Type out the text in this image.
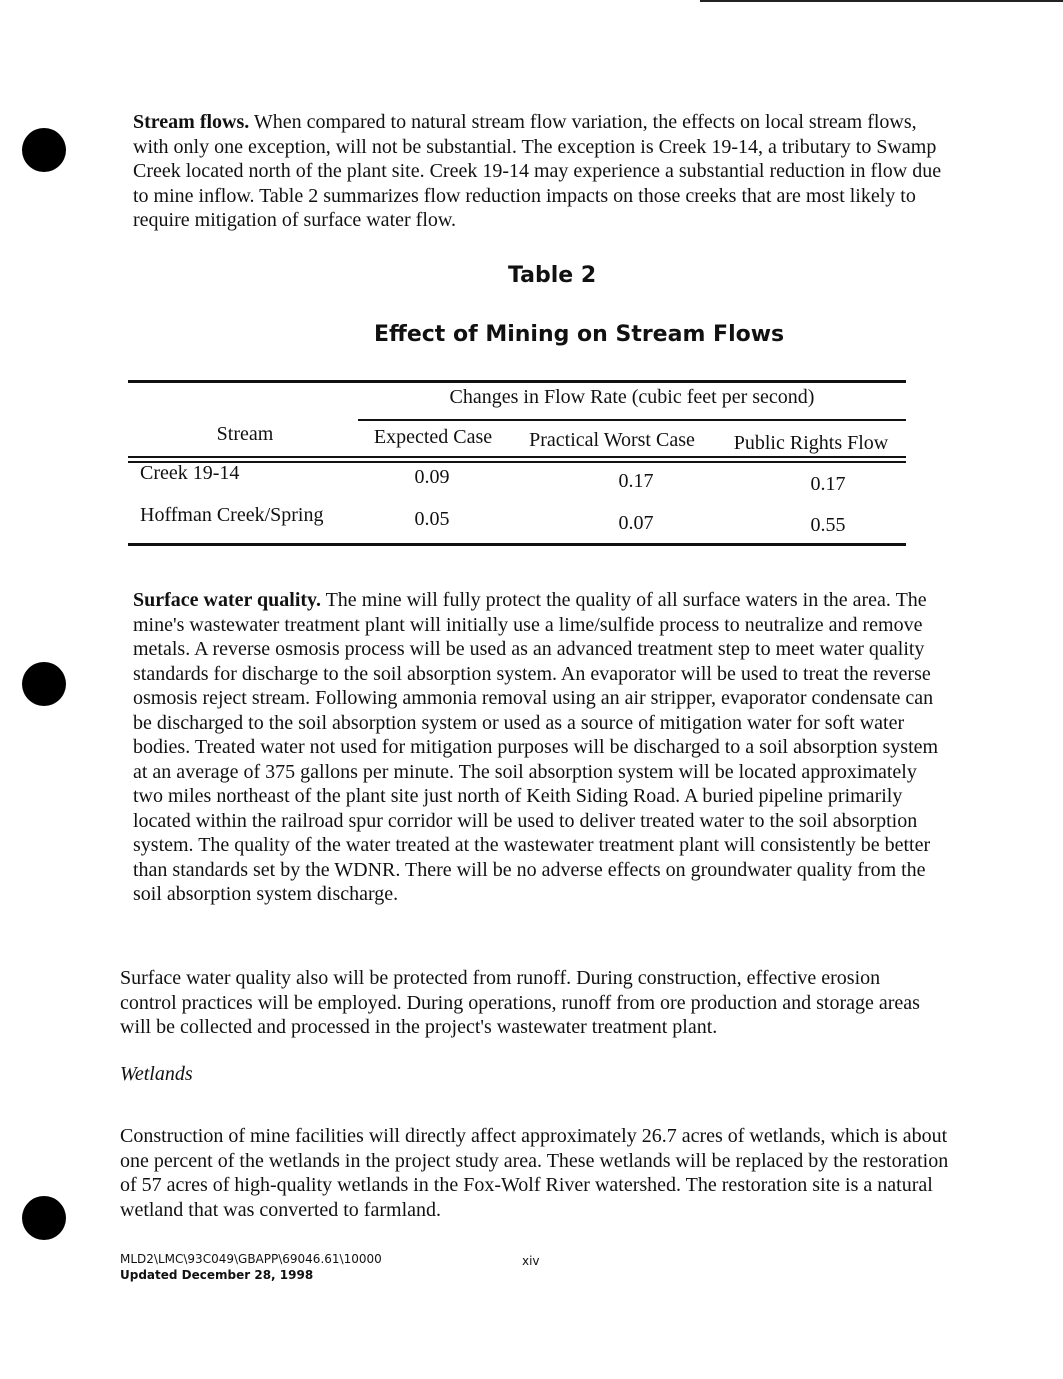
Stream flows. When compared to natural stream flow variation, the effects on local stream flows, with only one exception, will not be substantial. The exception is Creek 19-14, a tributary to Swamp Creek located north of the plant site. Creek 19-14 may experience a substantial reduction in flow due to mine inflow. Table 2 summarizes flow reduction impacts on those creeks that are most likely to require mitigation of surface water flow.

Table 2
Effect of Mining on Stream Flows
Changes in Flow Rate (cubic feet per second)
Stream	Expected Case	Practical Worst Case	Public Rights Flow
Creek 19-14	0.09	0.17	0.17
Hoffman Creek/Spring	0.05	0.07	0.55

Surface water quality. The mine will fully protect the quality of all surface waters in the area. The mine's wastewater treatment plant will initially use a lime/sulfide process to neutralize and remove metals. A reverse osmosis process will be used as an advanced treatment step to meet water quality standards for discharge to the soil absorption system. An evaporator will be used to treat the reverse osmosis reject stream. Following ammonia removal using an air stripper, evaporator condensate can be discharged to the soil absorption system or used as a source of mitigation water for soft water bodies. Treated water not used for mitigation purposes will be discharged to a soil absorption system at an average of 375 gallons per minute. The soil absorption system will be located approximately two miles northeast of the plant site just north of Keith Siding Road. A buried pipeline primarily located within the railroad spur corridor will be used to deliver treated water to the soil absorption system. The quality of the water treated at the wastewater treatment plant will consistently be better than standards set by the WDNR. There will be no adverse effects on groundwater quality from the soil absorption system discharge.

Surface water quality also will be protected from runoff. During construction, effective erosion control practices will be employed. During operations, runoff from ore production and storage areas will be collected and processed in the project's wastewater treatment plant.

Wetlands

Construction of mine facilities will directly affect approximately 26.7 acres of wetlands, which is about one percent of the wetlands in the project study area. These wetlands will be replaced by the restoration of 57 acres of high-quality wetlands in the Fox-Wolf River watershed. The restoration site is a natural wetland that was converted to farmland.

MLD2\LMC\93C049\GBAPP\69046.61\10000
Updated December 28, 1998
xiv
